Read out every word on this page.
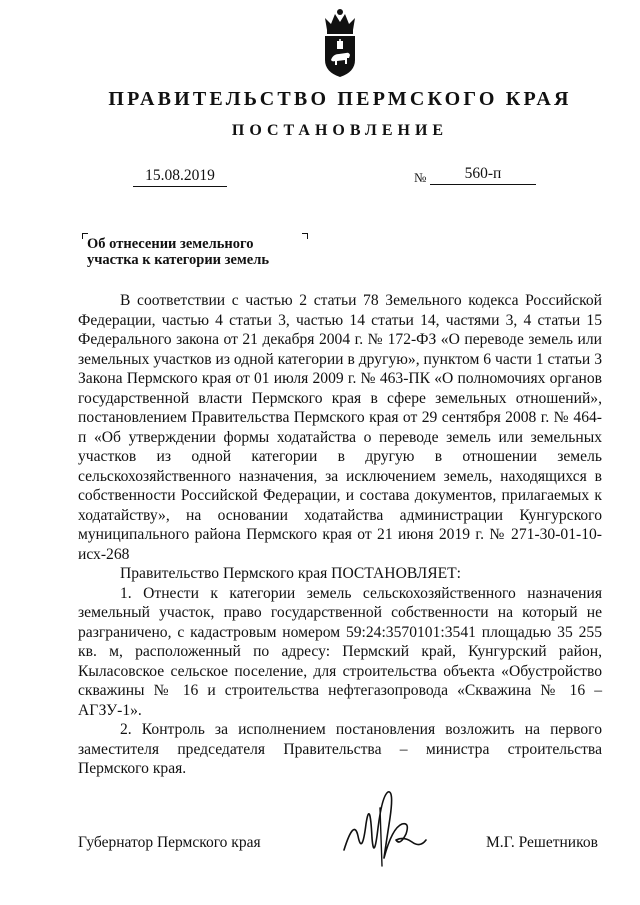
ПРАВИТЕЛЬСТВО ПЕРМСКОГО КРАЯ
ПОСТАНОВЛЕНИЕ
15.08.2019	№	560-п
Об отнесении земельного
участка к категории земель

В соответствии с частью 2 статьи 78 Земельного кодекса Российской Федерации, частью 4 статьи 3, частью 14 статьи 14, частями 3, 4 статьи 15 Федерального закона от 21 декабря 2004 г. № 172-ФЗ «О переводе земель или земельных участков из одной категории в другую», пунктом 6 части 1 статьи 3 Закона Пермского края от 01 июля 2009 г. № 463-ПК «О полномочиях органов государственной власти Пермского края в сфере земельных отношений», постановлением Правительства Пермского края от 29 сентября 2008 г. № 464-п «Об утверждении формы ходатайства о переводе земель или земельных участков из одной категории в другую в отношении земель сельскохозяйственного назначения, за исключением земель, находящихся в собственности Российской Федерации, и состава документов, прилагаемых к ходатайству», на основании ходатайства администрации Кунгурского муниципального района Пермского края от 21 июня 2019 г. № 271-30-01-10-исх-268

Правительство Пермского края ПОСТАНОВЛЯЕТ:

1. Отнести к категории земель сельскохозяйственного назначения земельный участок, право государственной собственности на который не разграничено, с кадастровым номером 59:24:3570101:3541 площадью 35 255 кв. м, расположенный по адресу: Пермский край, Кунгурский район, Кыласовское сельское поселение, для строительства объекта «Обустройство скважины № 16 и строительства нефтегазопровода «Скважина № 16 – АГЗУ-1».

2. Контроль за исполнением постановления возложить на первого заместителя председателя Правительства – министра строительства Пермского края.

Губернатор Пермского края	М.Г. Решетников
